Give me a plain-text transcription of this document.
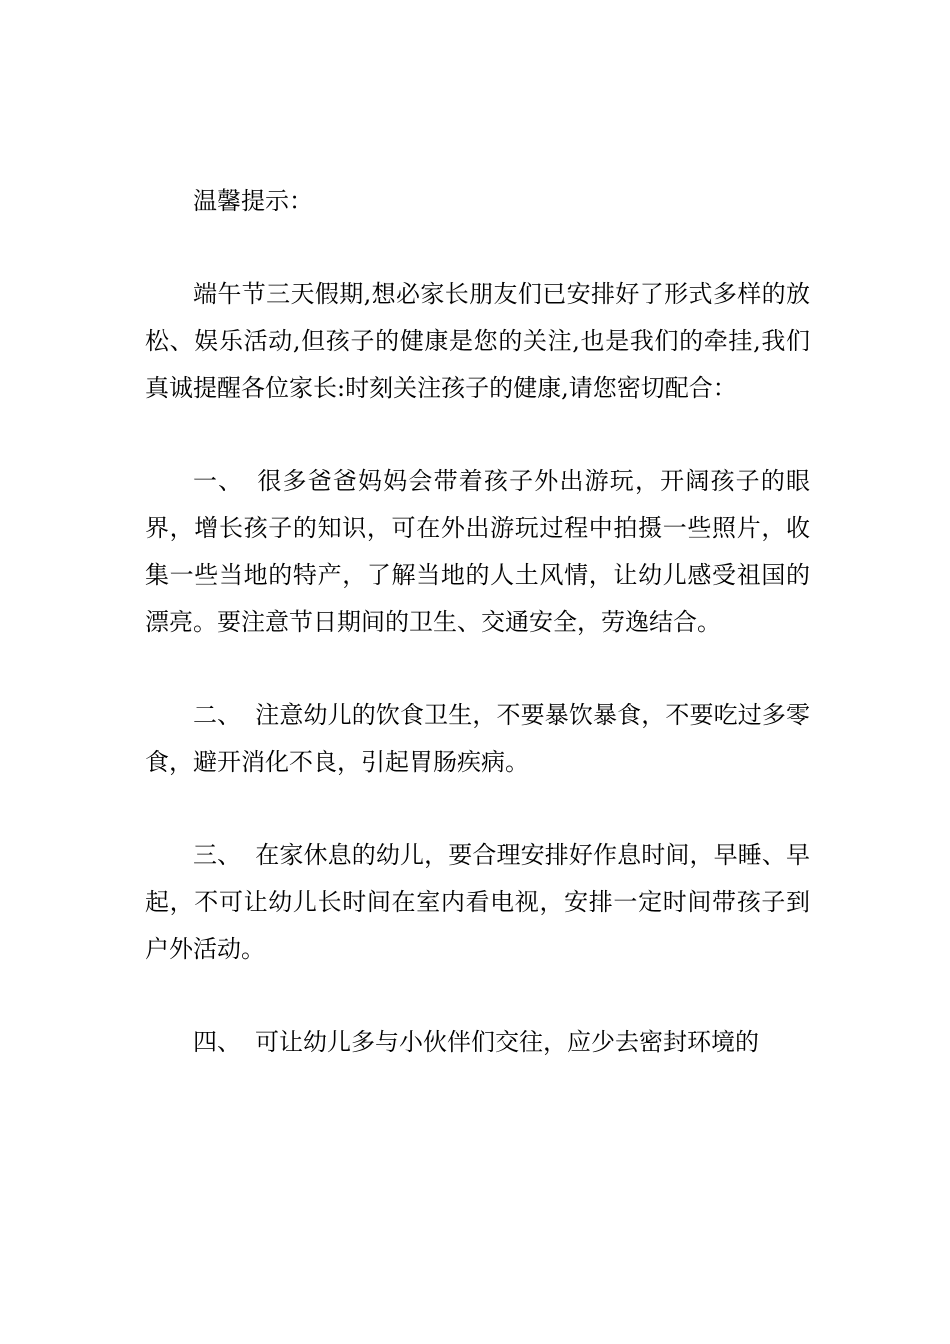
温馨提示：

端午节三天假期,想必家长朋友们已安排好了形式多样的放松、娱乐活动,但孩子的健康是您的关注,也是我们的牵挂,我们真诚提醒各位家长:时刻关注孩子的健康,请您密切配合：

一、 很多爸爸妈妈会带着孩子外出游玩，开阔孩子的眼界，增长孩子的知识，可在外出游玩过程中拍摄一些照片，收集一些当地的特产，了解当地的人土风情，让幼儿感受祖国的漂亮。要注意节日期间的卫生、交通安全，劳逸结合。

二、 注意幼儿的饮食卫生，不要暴饮暴食，不要吃过多零食，避开消化不良，引起胃肠疾病。

三、 在家休息的幼儿，要合理安排好作息时间，早睡、早起，不可让幼儿长时间在室内看电视，安排一定时间带孩子到户外活动。

四、 可让幼儿多与小伙伴们交往，应少去密封环境的
